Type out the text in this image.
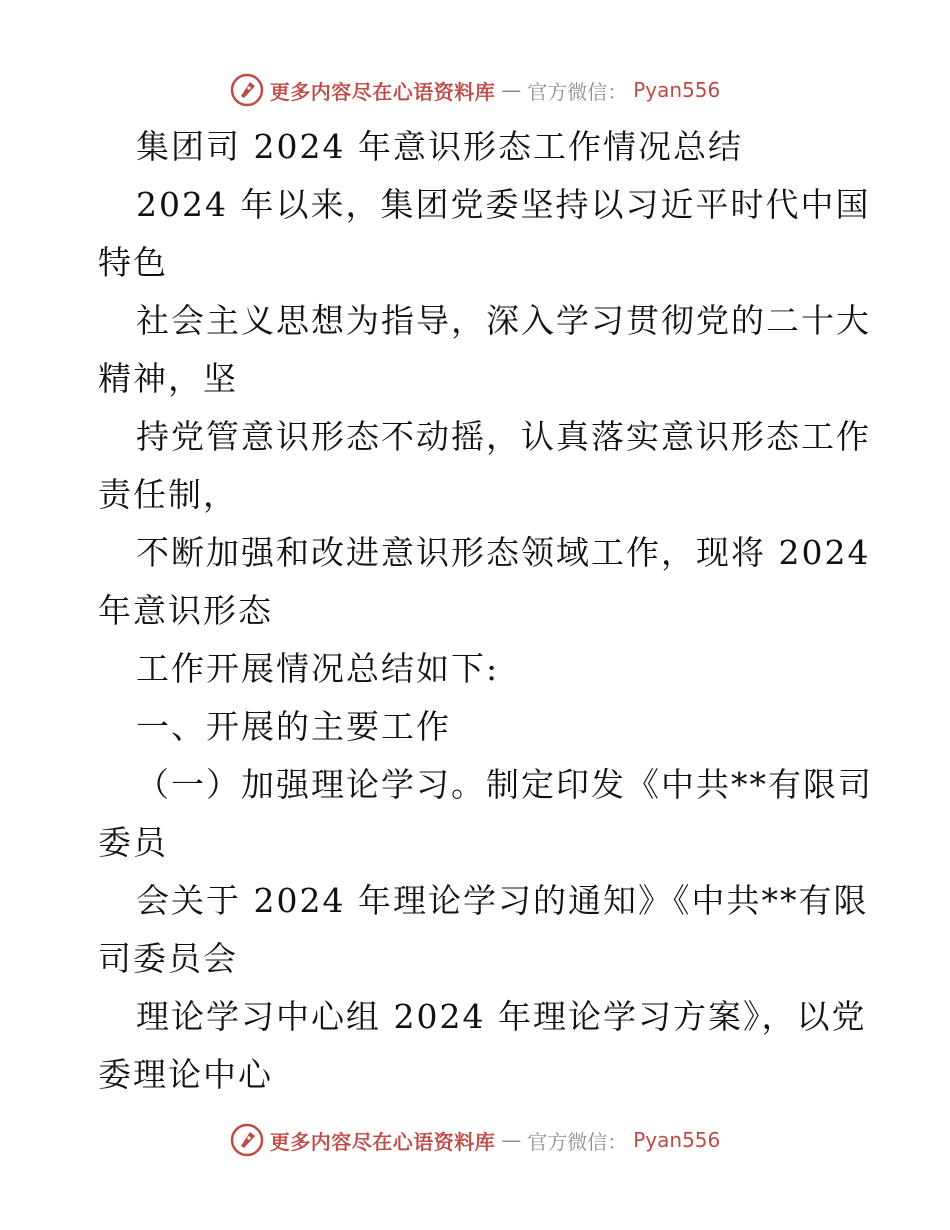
更多内容尽在心语资料库 — 官方微信： Pyan556
集团司 2024 年意识形态工作情况总结
2024 年以来，集团党委坚持以习近平时代中国
特色
社会主义思想为指导，深入学习贯彻党的二十大
精神，坚
持党管意识形态不动摇，认真落实意识形态工作
责任制，
不断加强和改进意识形态领域工作，现将 2024
年意识形态
工作开展情况总结如下:
一、开展的主要工作
（一）加强理论学习。制定印发《中共**有限司
委员
会关于 2024 年理论学习的通知》《中共**有限
司委员会
理论学习中心组 2024 年理论学习方案》，以党
委理论中心
更多内容尽在心语资料库 — 官方微信： Pyan556
